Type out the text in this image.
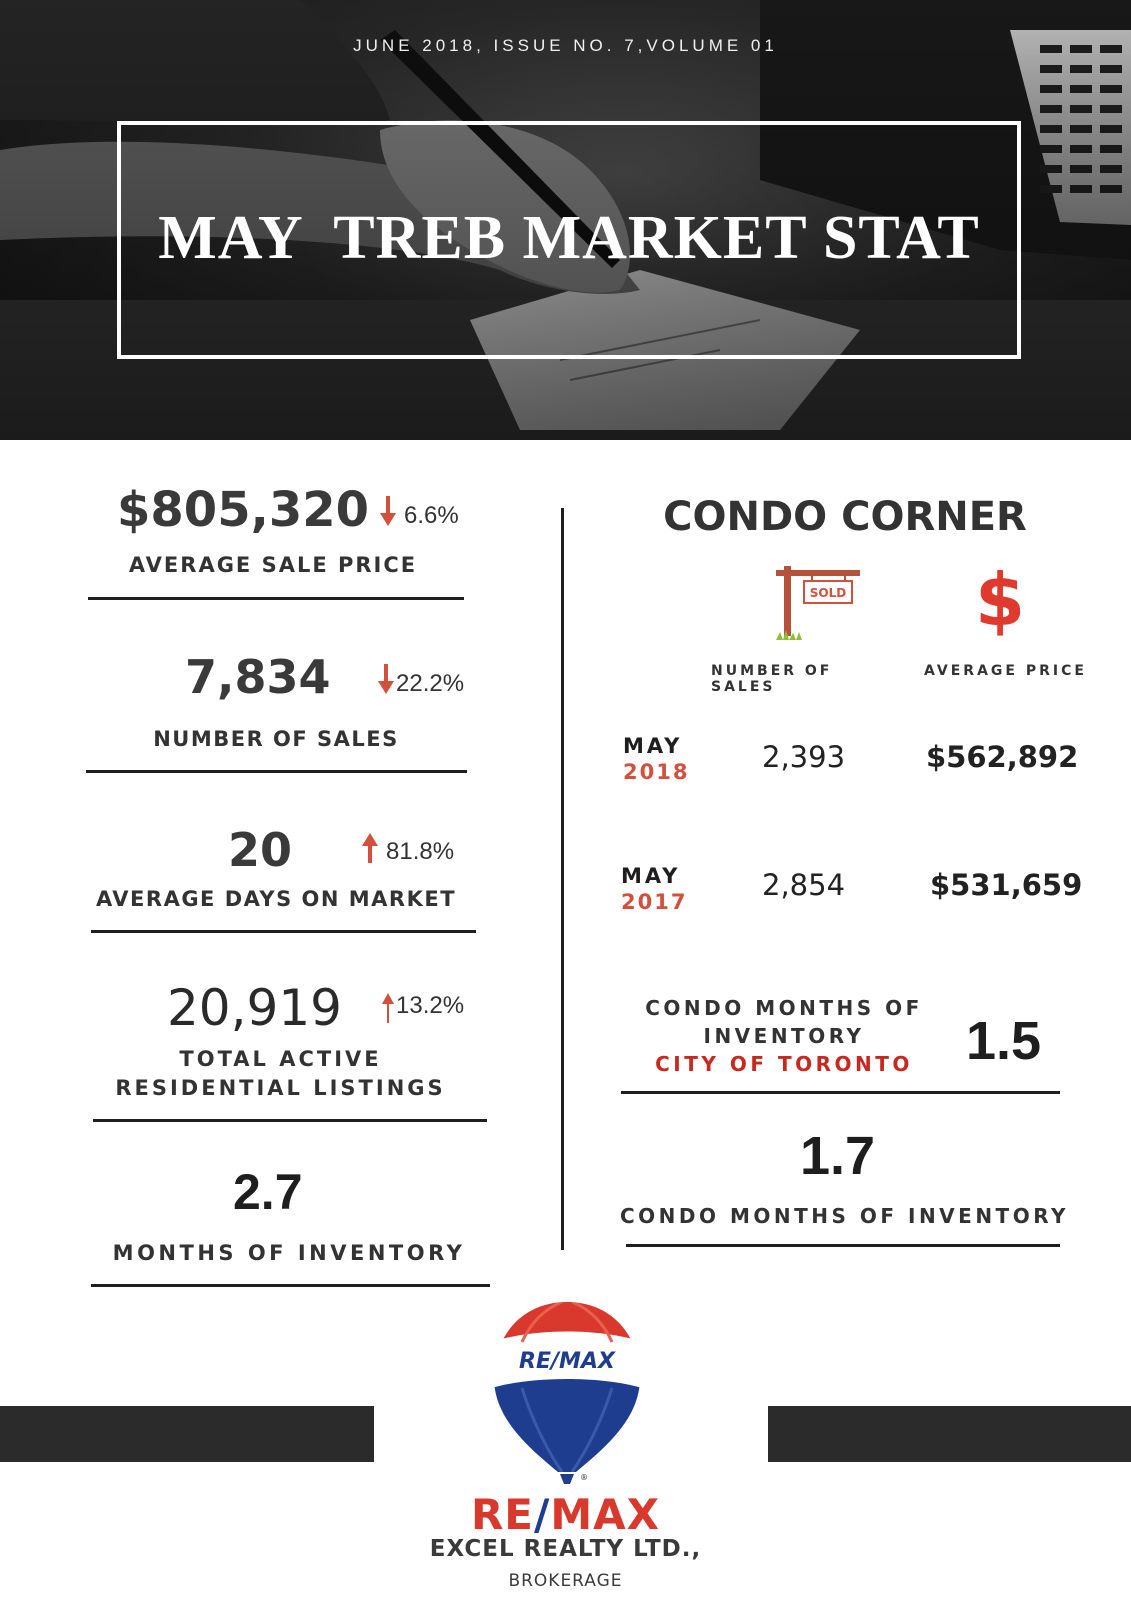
JUNE 2018, ISSUE NO. 7,VOLUME 01
MAY  TREB MARKET STAT
$805,320 6.6%
AVERAGE SALE PRICE
7,834	22.2%
NUMBER OF SALES
20	81.8%
AVERAGE DAYS ON MARKET
20,919 13.2%
TOTAL ACTIVE
RESIDENTIAL LISTINGS
2.7
MONTHS OF INVENTORY
CONDO CORNER
SOLD $
NUMBER OF
SALES
AVERAGE PRICE
MAY
2018	2,393	$562,892
MAY
2017	2,854	$531,659
CONDO MONTHS OF
INVENTORY
CITY OF TORONTO 1.5
1.7
CONDO MONTHS OF INVENTORY
RE/MAX
®
RE/MAX
EXCEL REALTY LTD.,
BROKERAGE
